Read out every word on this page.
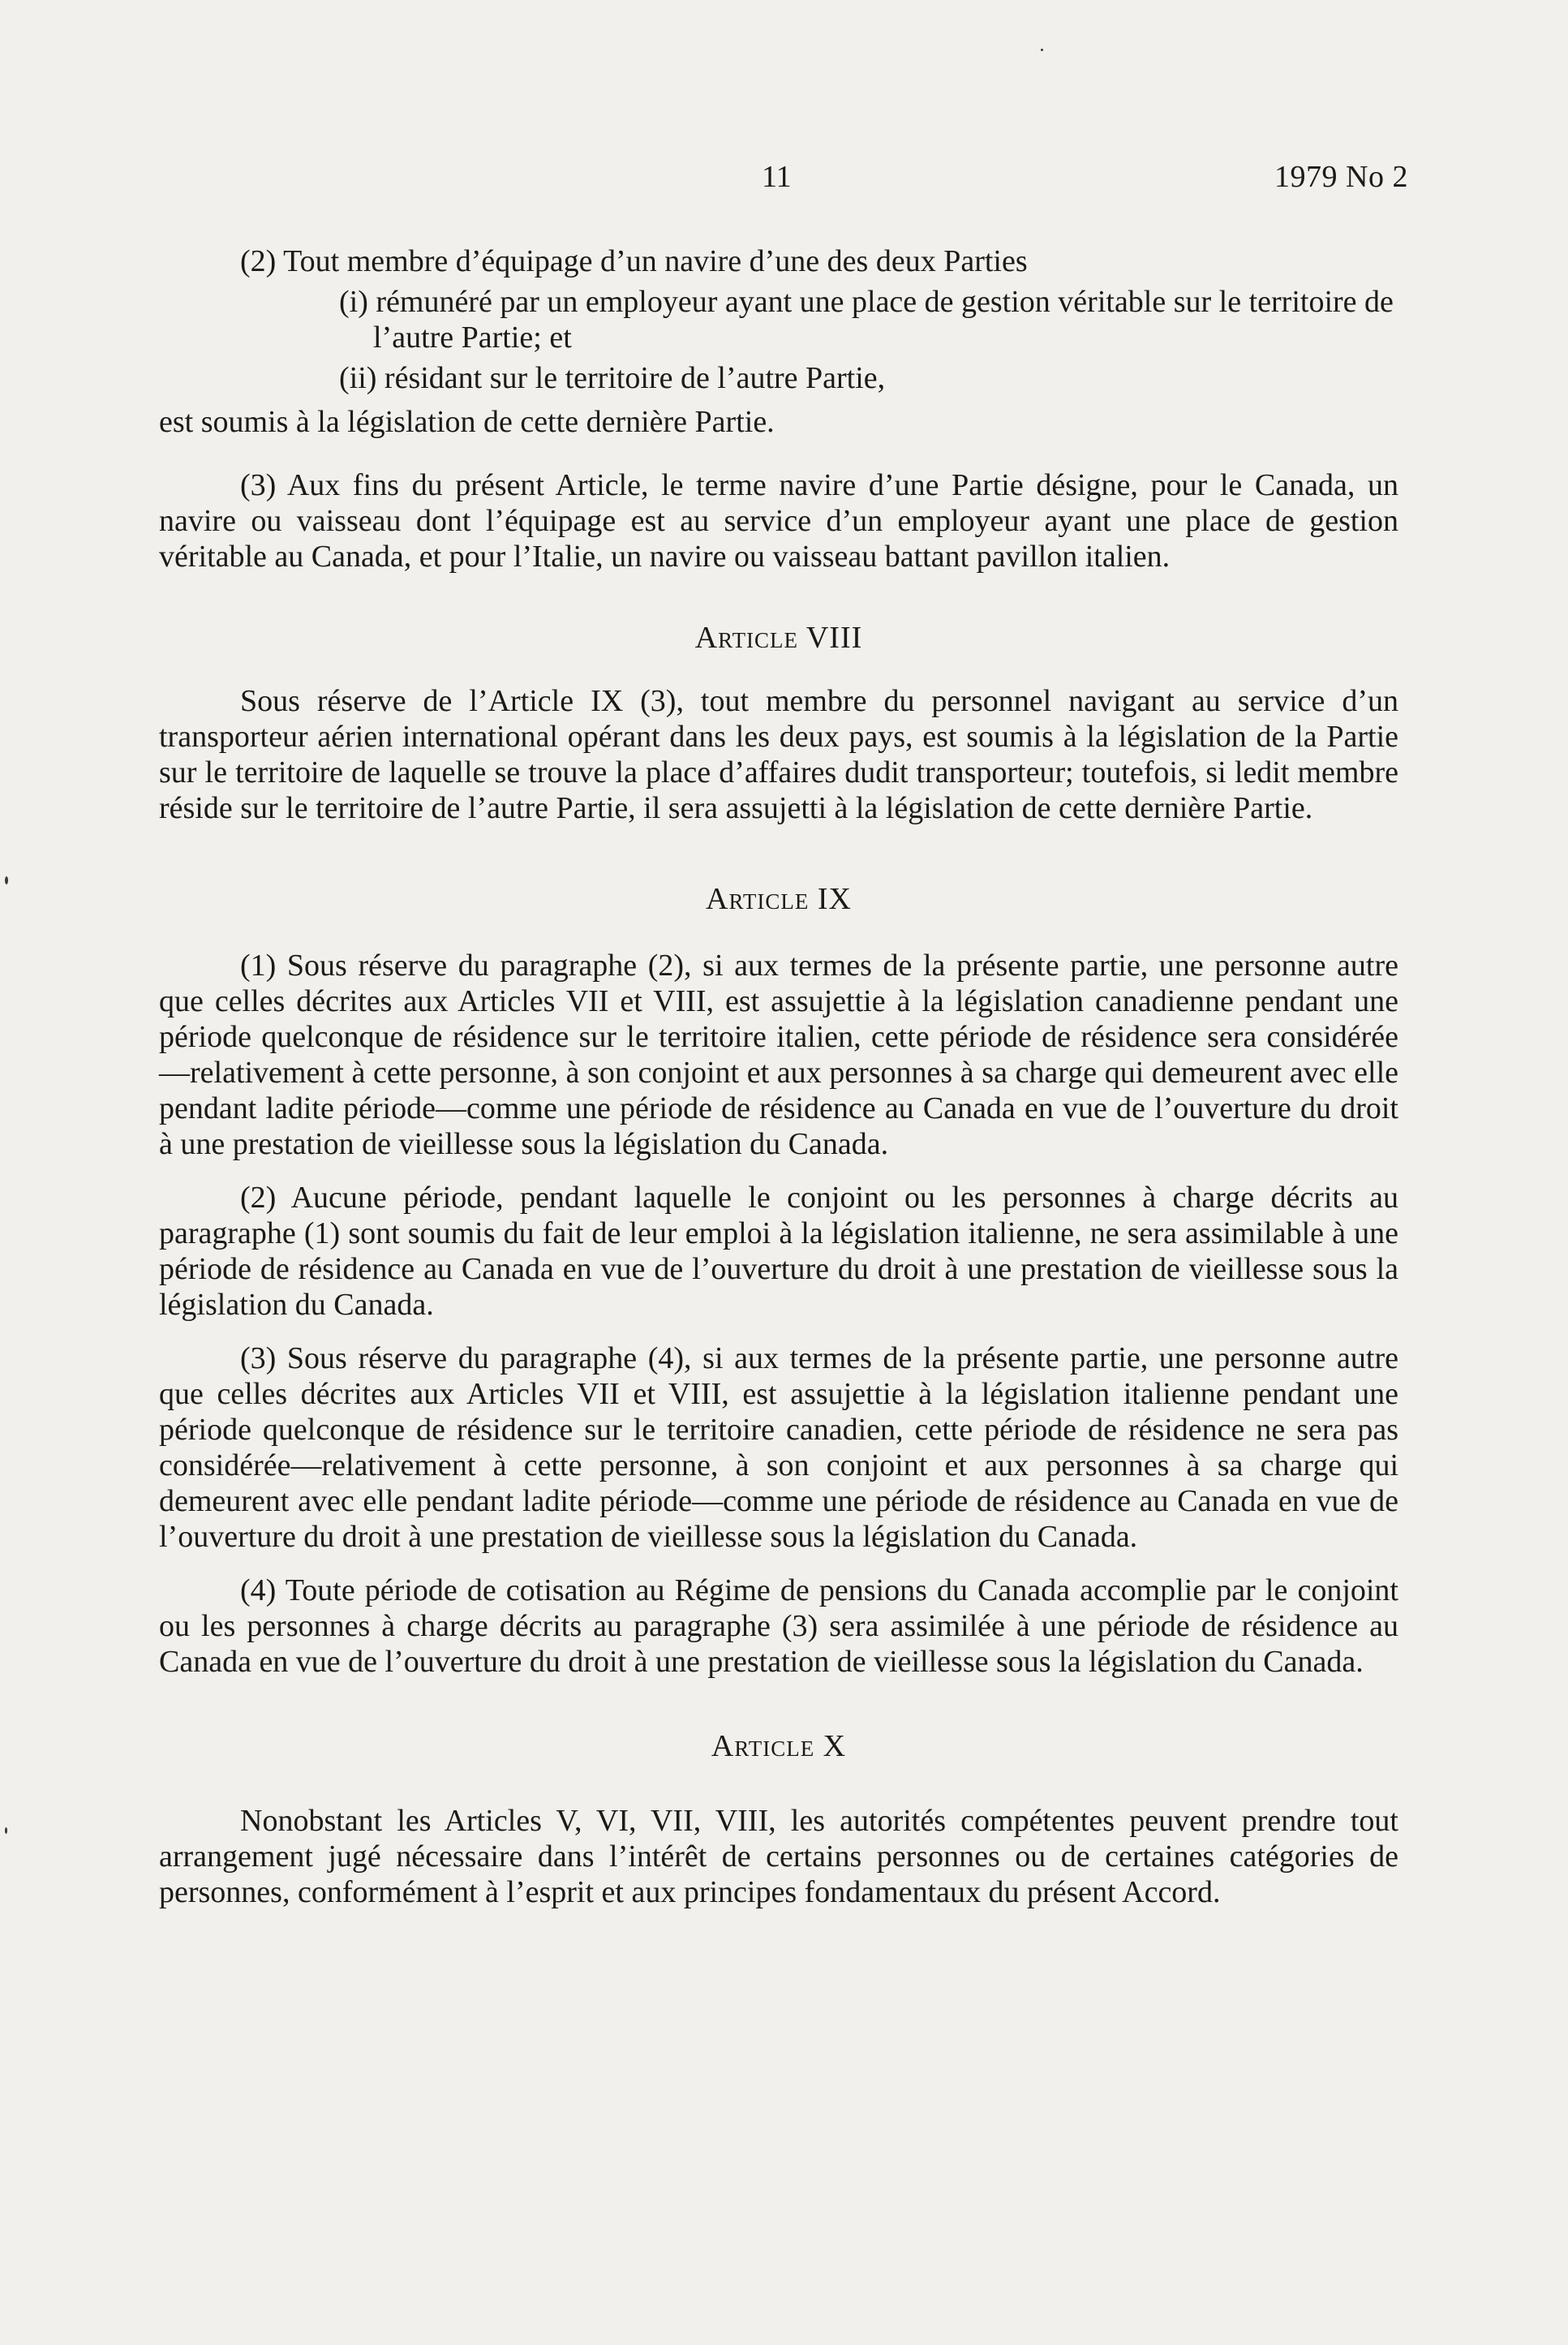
11	1979 No 2

(2) Tout membre d’équipage d’un navire d’une des deux Parties

(i) rémunéré par un employeur ayant une place de gestion véritable sur le territoire de l’autre Partie; et

(ii) résidant sur le territoire de l’autre Partie,

est soumis à la législation de cette dernière Partie.

(3) Aux fins du présent Article, le terme navire d’une Partie désigne, pour le Canada, un navire ou vaisseau dont l’équipage est au service d’un employeur ayant une place de gestion véritable au Canada, et pour l’Italie, un navire ou vaisseau battant pavillon italien.

Article VIII

Sous réserve de l’Article IX (3), tout membre du personnel navigant au service d’un transporteur aérien international opérant dans les deux pays, est soumis à la législation de la Partie sur le territoire de laquelle se trouve la place d’affaires dudit transporteur; toutefois, si ledit membre réside sur le territoire de l’autre Partie, il sera assujetti à la législation de cette dernière Partie.

Article IX

(1) Sous réserve du paragraphe (2), si aux termes de la présente partie, une personne autre que celles décrites aux Articles VII et VIII, est assujettie à la législation canadienne pendant une période quelconque de résidence sur le territoire italien, cette période de résidence sera considérée—relativement à cette personne, à son conjoint et aux personnes à sa charge qui demeurent avec elle pendant ladite période—comme une période de résidence au Canada en vue de l’ouverture du droit à une prestation de vieillesse sous la législation du Canada.

(2) Aucune période, pendant laquelle le conjoint ou les personnes à charge décrits au paragraphe (1) sont soumis du fait de leur emploi à la législation italienne, ne sera assimilable à une période de résidence au Canada en vue de l’ouverture du droit à une prestation de vieillesse sous la législation du Canada.

(3) Sous réserve du paragraphe (4), si aux termes de la présente partie, une personne autre que celles décrites aux Articles VII et VIII, est assujettie à la législation italienne pendant une période quelconque de résidence sur le territoire canadien, cette période de résidence ne sera pas considérée—relativement à cette personne, à son conjoint et aux personnes à sa charge qui demeurent avec elle pendant ladite période—comme une période de résidence au Canada en vue de l’ouverture du droit à une prestation de vieillesse sous la législation du Canada.

(4) Toute période de cotisation au Régime de pensions du Canada accomplie par le conjoint ou les personnes à charge décrits au paragraphe (3) sera assimilée à une période de résidence au Canada en vue de l’ouverture du droit à une prestation de vieillesse sous la législation du Canada.

Article X

Nonobstant les Articles V, VI, VII, VIII, les autorités compétentes peuvent prendre tout arrangement jugé nécessaire dans l’intérêt de certains personnes ou de certaines catégories de personnes, conformément à l’esprit et aux principes fondamentaux du présent Accord.
